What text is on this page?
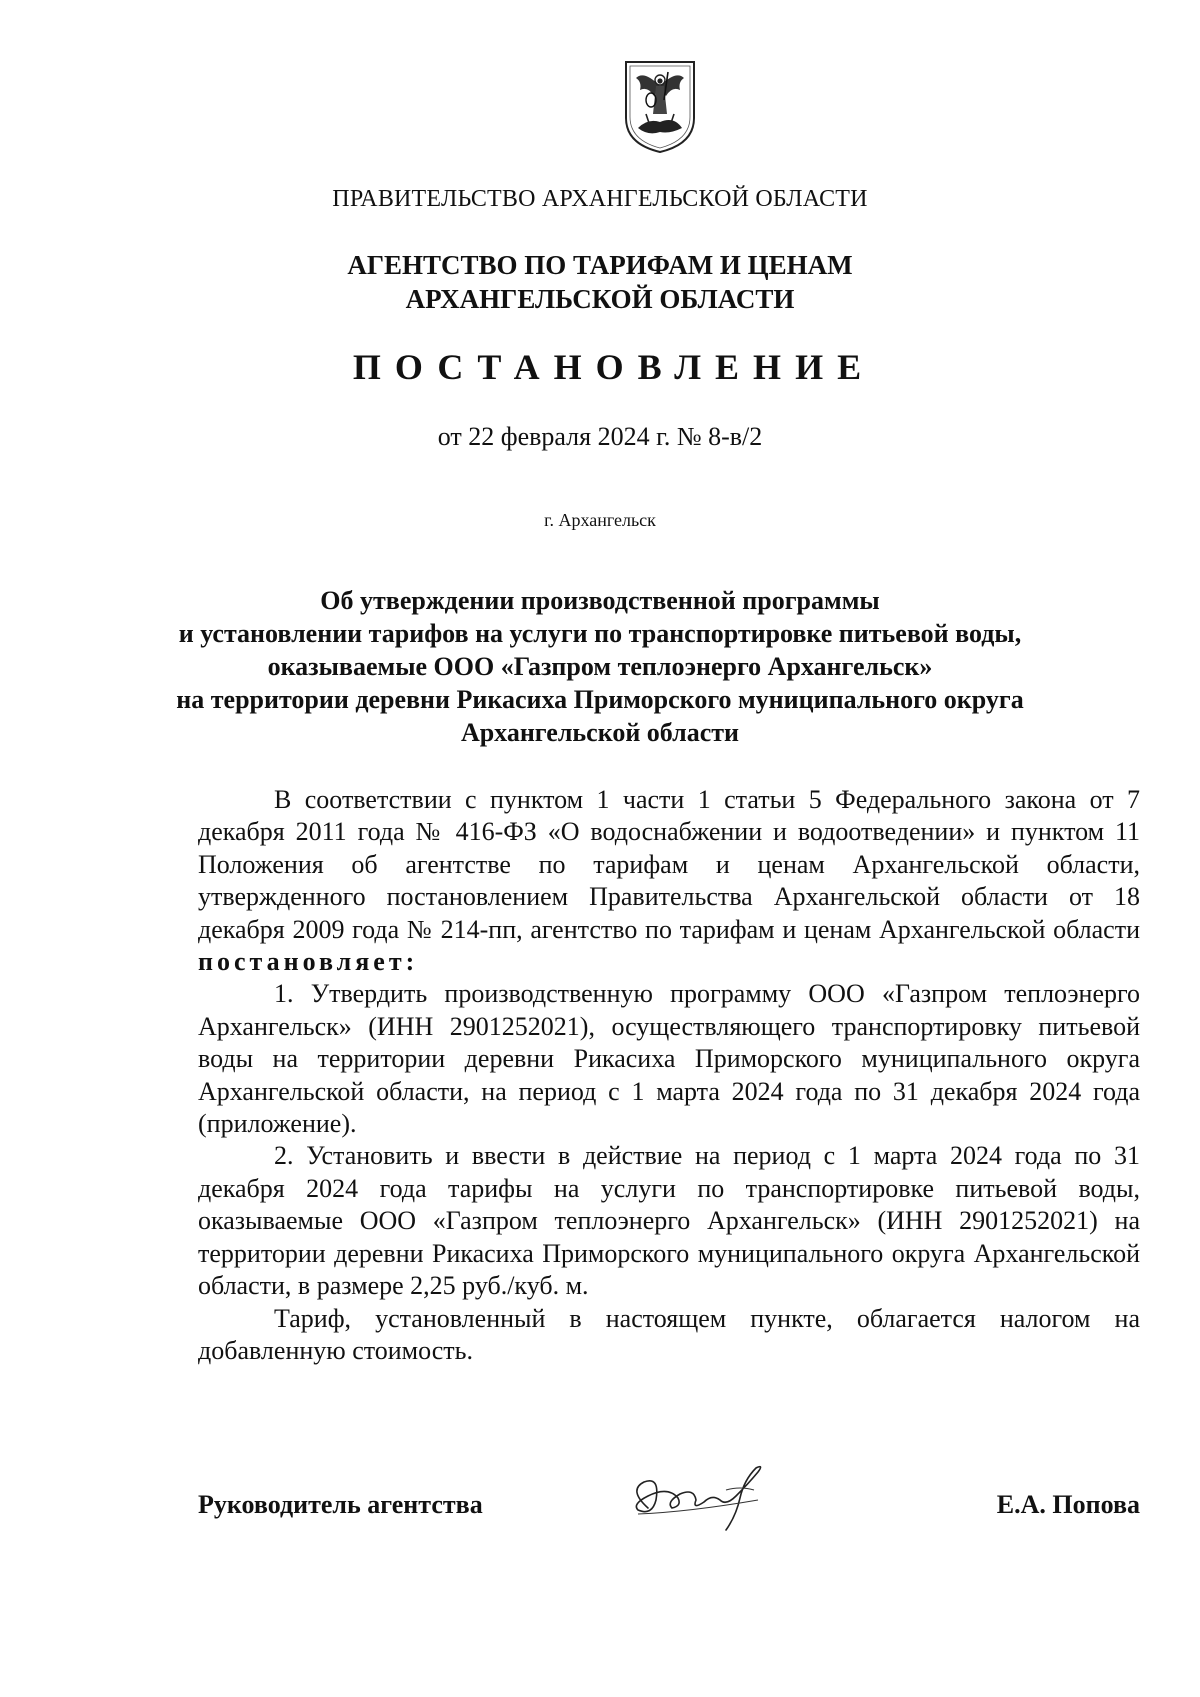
ПРАВИТЕЛЬСТВО АРХАНГЕЛЬСКОЙ ОБЛАСТИ
АГЕНТСТВО ПО ТАРИФАМ И ЦЕНАМ
АРХАНГЕЛЬСКОЙ ОБЛАСТИ
ПОСТАНОВЛЕНИЕ
от 22 февраля 2024 г. № 8-в/2
г. Архангельск
Об утверждении производственной программы
и установлении тарифов на услуги по транспортировке питьевой воды,
оказываемые ООО «Газпром теплоэнерго Архангельск»
на территории деревни Рикасиха Приморского муниципального округа
Архангельской области

В соответствии с пунктом 1 части 1 статьи 5 Федерального закона от 7 декабря 2011 года № 416-ФЗ «О водоснабжении и водоотведении» и пунктом 11 Положения об агентстве по тарифам и ценам Архангельской области, утвержденного постановлением Правительства Архангельской области от 18 декабря 2009 года № 214-пп, агентство по тарифам и ценам Архангельской области постановляет:

1. Утвердить производственную программу ООО «Газпром теплоэнерго Архангельск» (ИНН 2901252021), осуществляющего транспортировку питьевой воды на территории деревни Рикасиха Приморского муниципального округа Архангельской области, на период с 1 марта 2024 года по 31 декабря 2024 года (приложение).

2. Установить и ввести в действие на период с 1 марта 2024 года по 31 декабря 2024 года тарифы на услуги по транспортировке питьевой воды, оказываемые ООО «Газпром теплоэнерго Архангельск» (ИНН 2901252021) на территории деревни Рикасиха Приморского муниципального округа Архангельской области, в размере 2,25 руб./куб. м.

Тариф, установленный в настоящем пункте, облагается налогом на добавленную стоимость.

Руководитель агентства	Е.А. Попова
